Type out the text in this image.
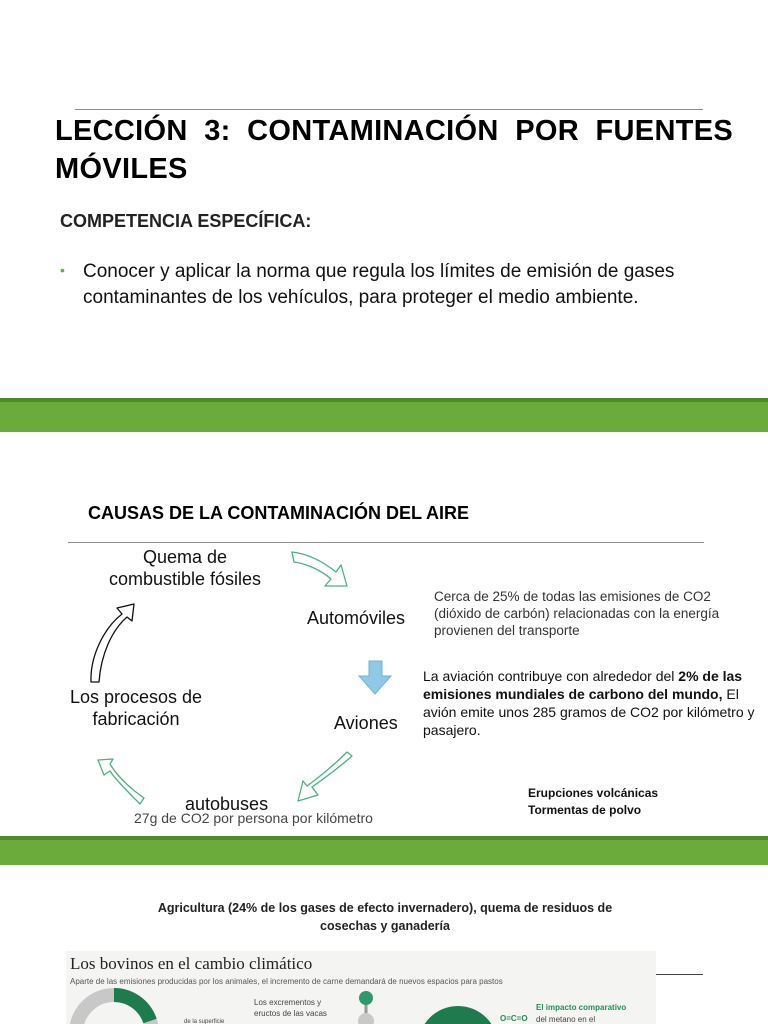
LECCIÓN 3: CONTAMINACIÓN POR FUENTES MÓVILES
COMPETENCIA ESPECÍFICA:
• Conocer y aplicar la norma que regula los límites de emisión de gases contaminantes de los vehículos, para proteger el medio ambiente.
CAUSAS DE LA CONTAMINACIÓN DEL AIRE
Quema de combustible fósiles
Automóviles
Aviones
autobuses
Los procesos de fabricación
Cerca de 25% de todas las emisiones de CO2 (dióxido de carbón) relacionadas con la energía provienen del transporte
La aviación contribuye con alrededor del 2% de las emisiones mundiales de carbono del mundo, El avión emite unos 285 gramos de CO2 por kilómetro y pasajero.
27g de CO2 por persona por kilómetro
Erupciones volcánicas
Tormentas de polvo
Agricultura (24% de los gases de efecto invernadero), quema de residuos de cosechas y ganadería
Los bovinos en el cambio climático
Aparte de las emisiones producidas por los animales, el incremento de carne demandará de nuevos espacios para pastos
Los excrementos y eructos de las vacas
de la superficie	O=C=O
El impacto comparativo
del metano en el
